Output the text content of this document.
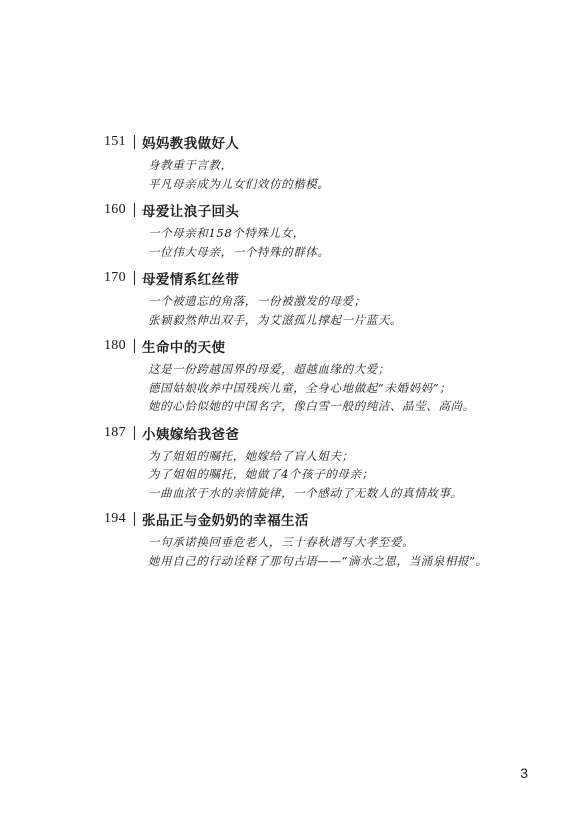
151	妈妈教我做好人
身教重于言教，
平凡母亲成为儿女们效仿的楷模。
160	母爱让浪子回头
一个母亲和158个特殊儿女，
一位伟大母亲，一个特殊的群体。
170	母爱情系红丝带
一个被遗忘的角落，一份被激发的母爱；
张颖毅然伸出双手，为艾滋孤儿撑起一片蓝天。
180	生命中的天使
这是一份跨越国界的母爱，超越血缘的大爱；
德国姑娘收养中国残疾儿童，全身心地做起“未婚妈妈”；
她的心恰似她的中国名字，像白雪一般的纯洁、晶莹、高尚。
187	小姨嫁给我爸爸
为了姐姐的嘱托，她嫁给了盲人姐夫；
为了姐姐的嘱托，她做了4个孩子的母亲；
一曲血浓于水的亲情旋律，一个感动了无数人的真情故事。
194	张品正与金奶奶的幸福生活
一句承诺换回垂危老人，三十春秋谱写大孝至爱。
她用自己的行动诠释了那句古语——“滴水之恩，当涌泉相报”。
3
